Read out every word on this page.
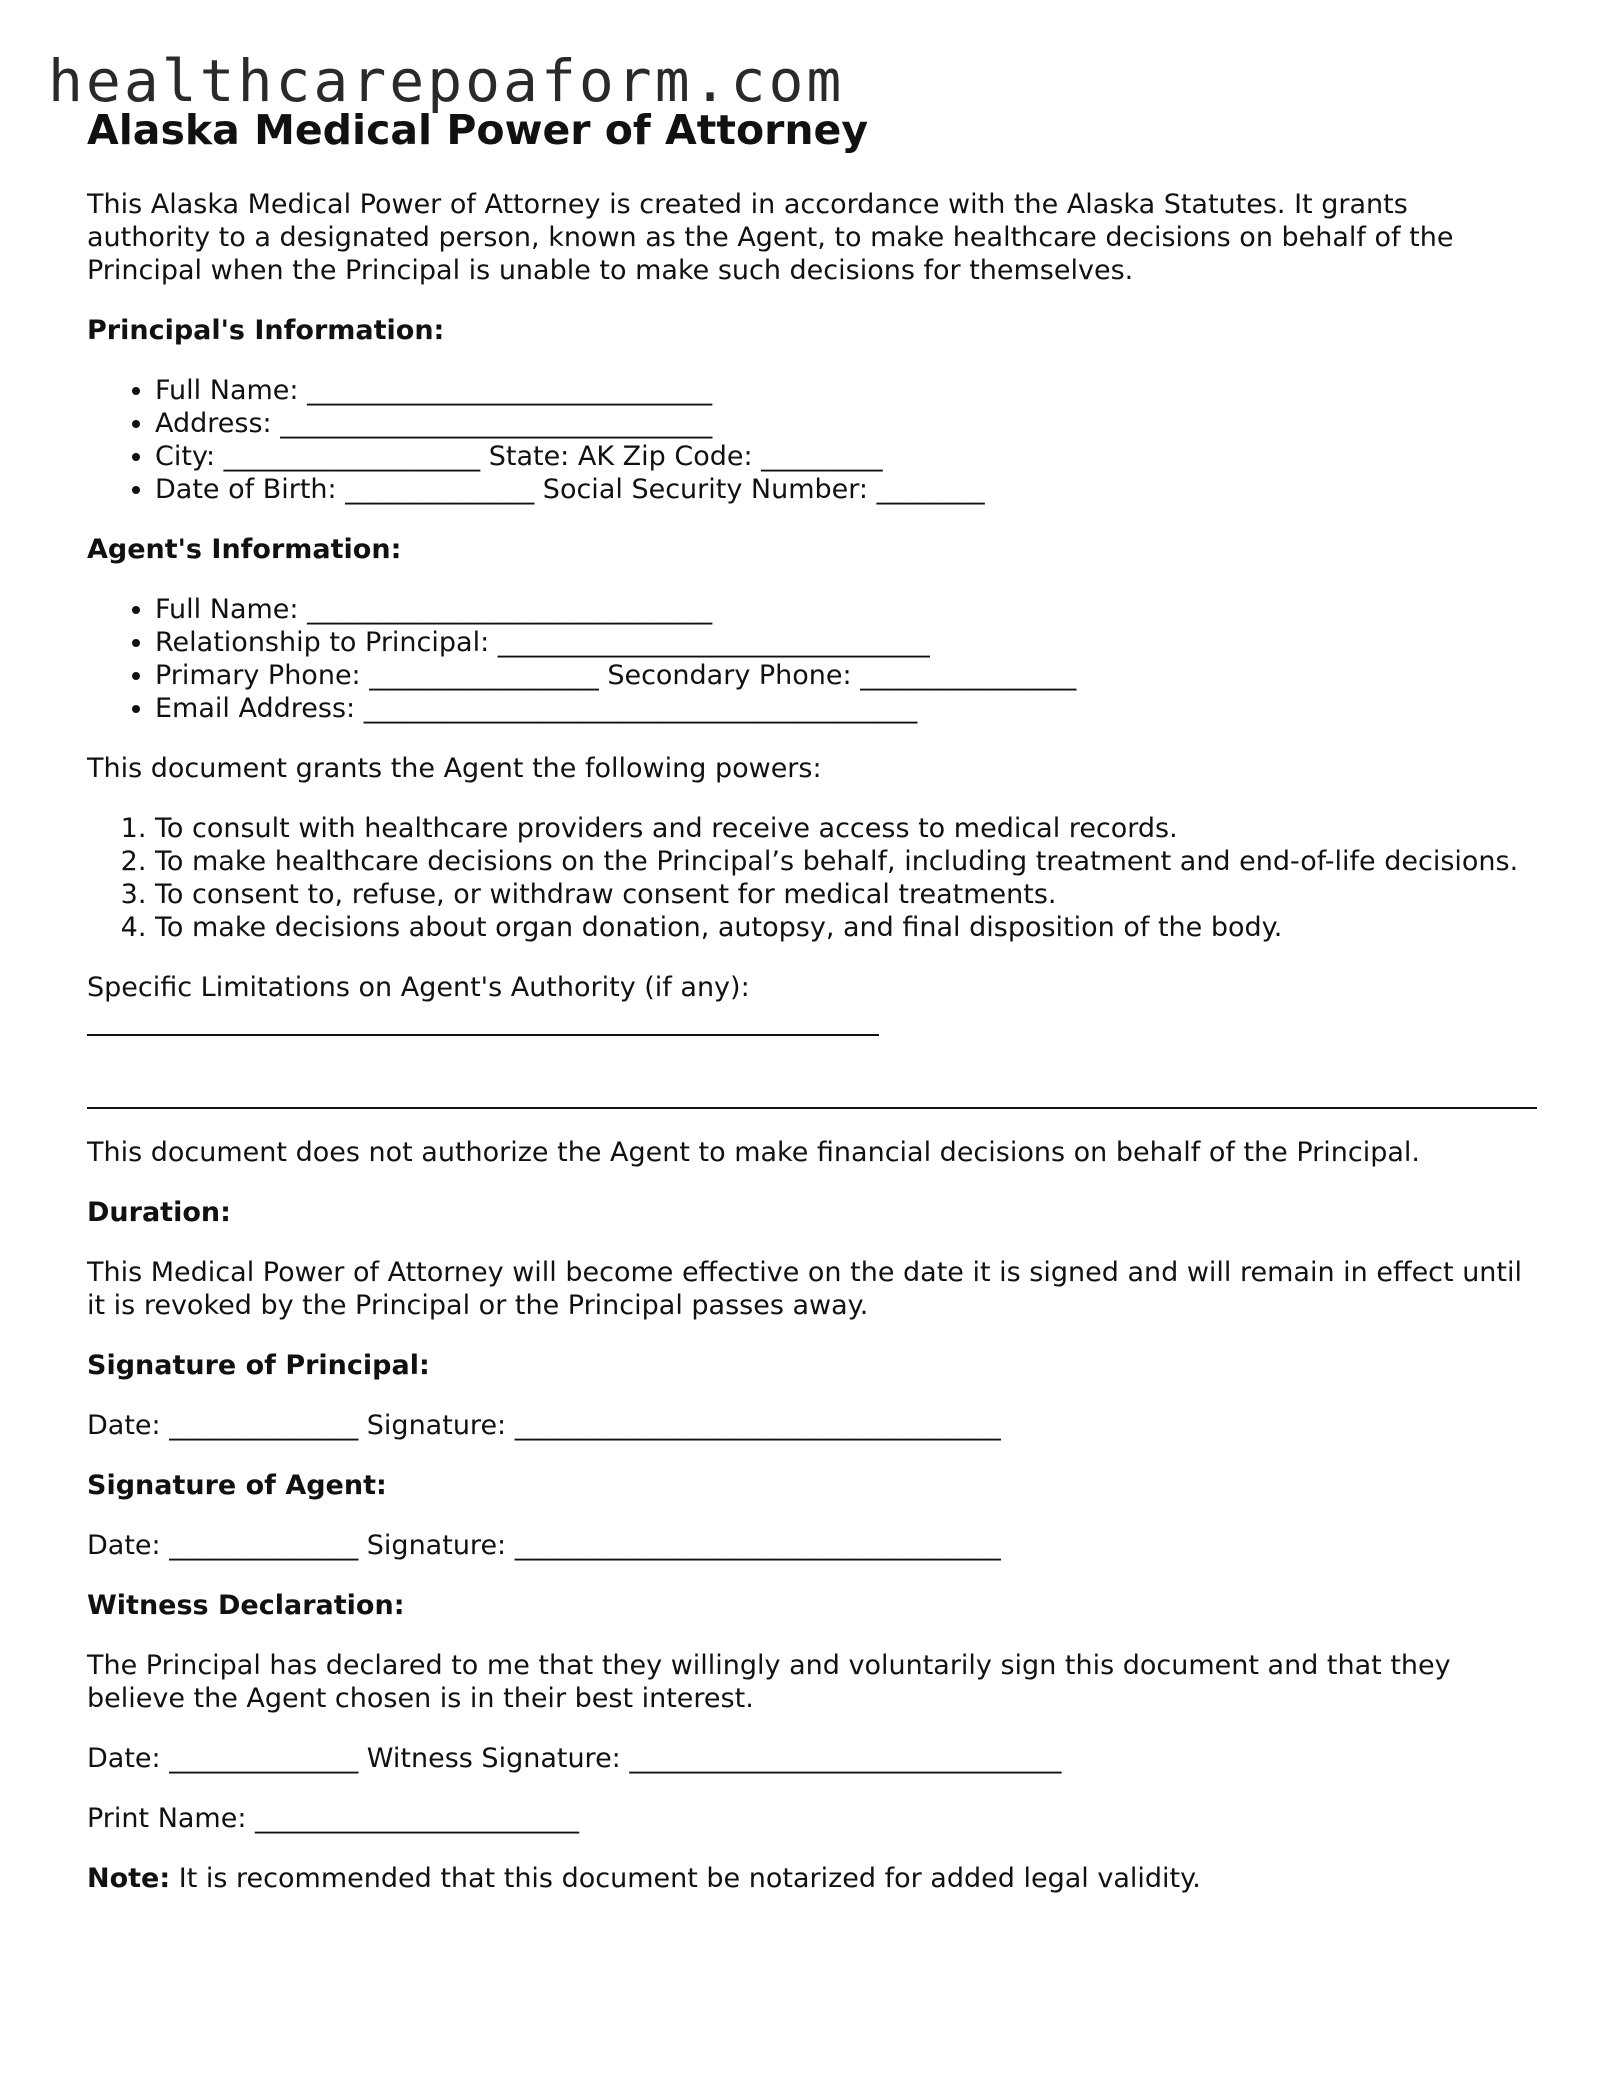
healthcarepoaform.com
Alaska Medical Power of Attorney

This Alaska Medical Power of Attorney is created in accordance with the Alaska Statutes. It grants authority to a designated person, known as the Agent, to make healthcare decisions on behalf of the Principal when the Principal is unable to make such decisions for themselves.

Principal's Information:

• Full Name: ______________________________
• Address: ________________________________
• City: ___________________ State: AK Zip Code: _________
• Date of Birth: ______________ Social Security Number: ________

Agent's Information:

• Full Name: ______________________________
• Relationship to Principal: ________________________________
• Primary Phone: _________________ Secondary Phone: ________________
• Email Address: _________________________________________

This document grants the Agent the following powers:

1. To consult with healthcare providers and receive access to medical records.
2. To make healthcare decisions on the Principal’s behalf, including treatment and end-of-life decisions.
3. To consent to, refuse, or withdraw consent for medical treatments.
4. To make decisions about organ donation, autopsy, and final disposition of the body.
Specific Limitations on Agent's Authority (if any):

This document does not authorize the Agent to make financial decisions on behalf of the Principal.

Duration:

This Medical Power of Attorney will become effective on the date it is signed and will remain in effect until it is revoked by the Principal or the Principal passes away.

Signature of Principal:

Date: ______________ Signature: ____________________________________

Signature of Agent:

Date: ______________ Signature: ____________________________________

Witness Declaration:

The Principal has declared to me that they willingly and voluntarily sign this document and that they believe the Agent chosen is in their best interest.

Date: ______________ Witness Signature: ________________________________

Print Name: ________________________

Note: It is recommended that this document be notarized for added legal validity.
